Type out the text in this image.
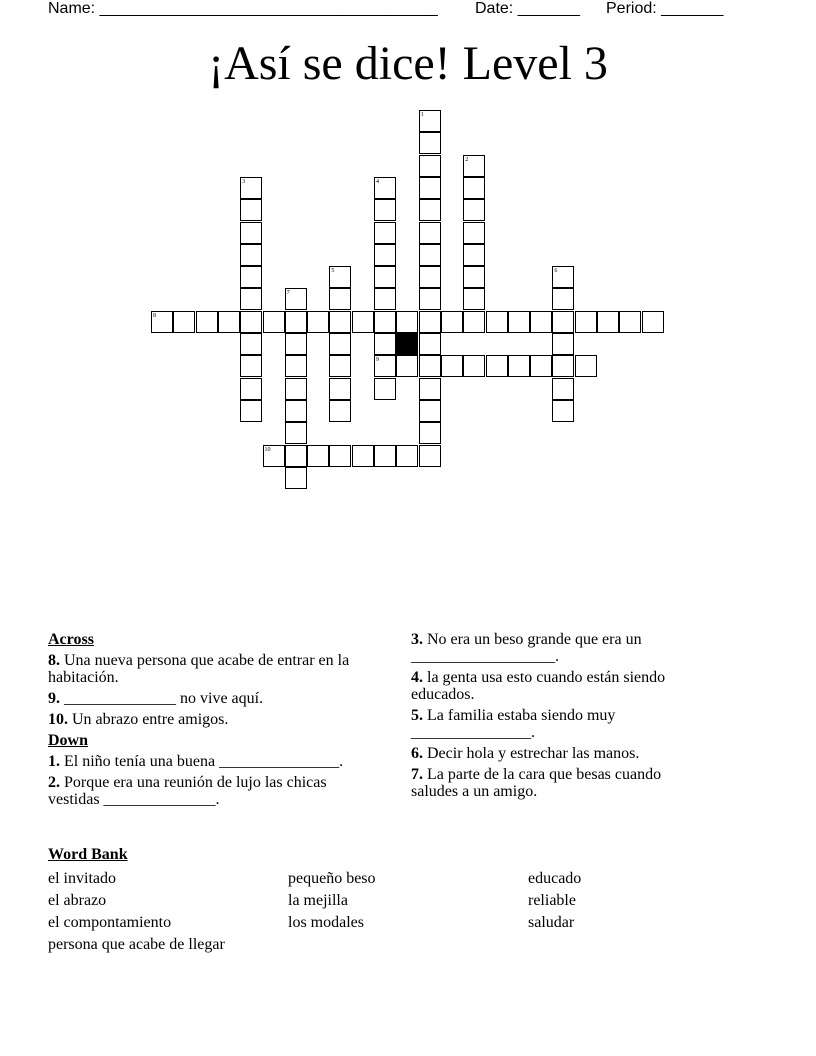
Name: ______________________________________ Date: _______ Period: _______
¡Así se dice! Level 3
1
2
3	4
5	6
7
8
9
10
Across
8. Una nueva persona que acabe de entrar en la habitación.
9. ______________ no vive aquí.
10. Un abrazo entre amigos.
Down
1. El niño tenía una buena _______________.
2. Porque era una reunión de lujo las chicas vestidas ______________.
3. No era un beso grande que era un __________________.
4. la genta usa esto cuando están siendo educados.
5. La familia estaba siendo muy _______________.
6. Decir hola y estrechar las manos.
7. La parte de la cara que besas cuando saludes a un amigo.
Word Bank
el invitado
el abrazo
el compontamiento
persona que acabe de llegar
pequeño beso
la mejilla
los modales
educado
reliable
saludar
